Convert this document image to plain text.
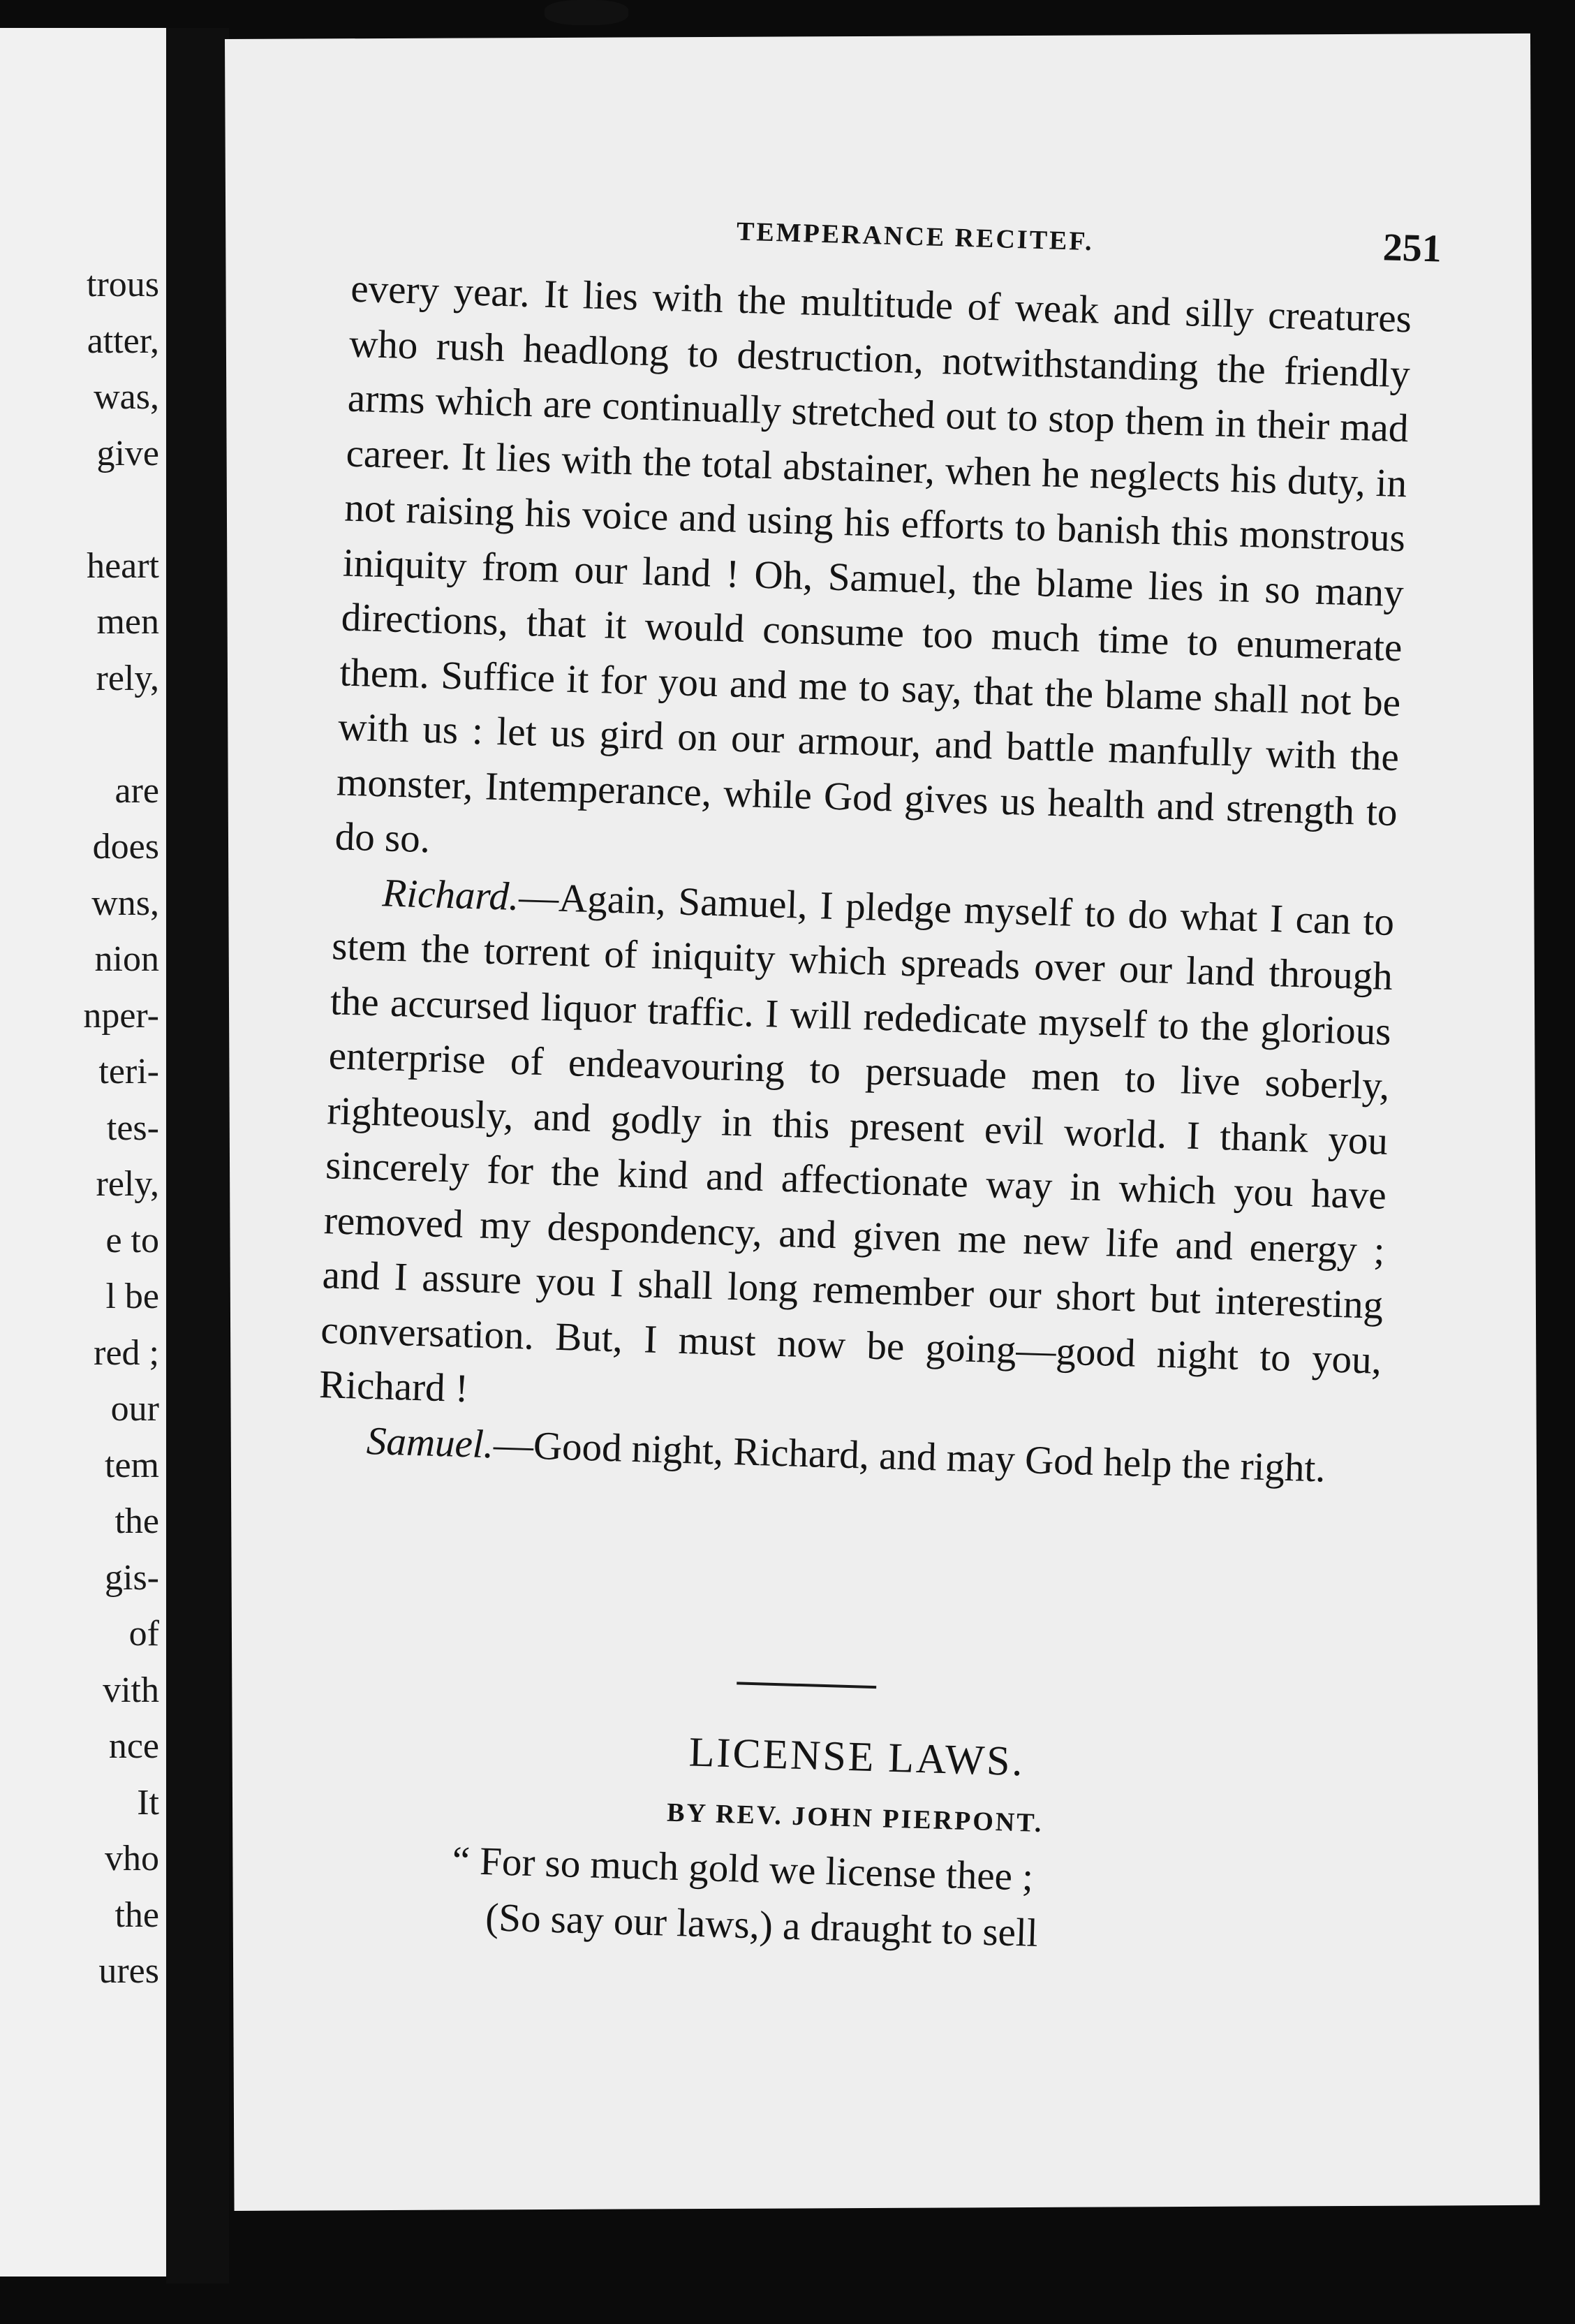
trous
atter,
was,
give

heart
men
rely,

are
does
wns,
nion
nper-
teri-
tes-
rely,
e to
l be
red ;
our
tem
the
gis-
of
vith
nce
It
vho
the
ures
TEMPERANCE RECITEF.	251

every year. It lies with the multitude of weak and silly creatures who rush headlong to destruction, notwithstanding the friendly arms which are continually stretched out to stop them in their mad career. It lies with the total abstainer, when he neglects his duty, in not raising his voice and using his efforts to banish this monstrous iniquity from our land ! Oh, Samuel, the blame lies in so many directions, that it would consume too much time to enumerate them. Suffice it for you and me to say, that the blame shall not be with us : let us gird on our armour, and battle manfully with the monster, Intemperance, while God gives us health and strength to do so.

Richard.—Again, Samuel, I pledge myself to do what I can to stem the torrent of iniquity which spreads over our land through the accursed liquor traffic. I will rededicate myself to the glorious enterprise of endeavouring to persuade men to live soberly, righteously, and godly in this present evil world. I thank you sincerely for the kind and affectionate way in which you have removed my despondency, and given me new life and energy ; and I assure you I shall long remember our short but interesting conversation. But, I must now be going—good night to you, Richard !

Samuel.—Good night, Richard, and may God help the right.

LICENSE LAWS.
BY REV. JOHN PIERPONT.
“ For so much gold we license thee ;
(So say our laws,) a draught to sell
